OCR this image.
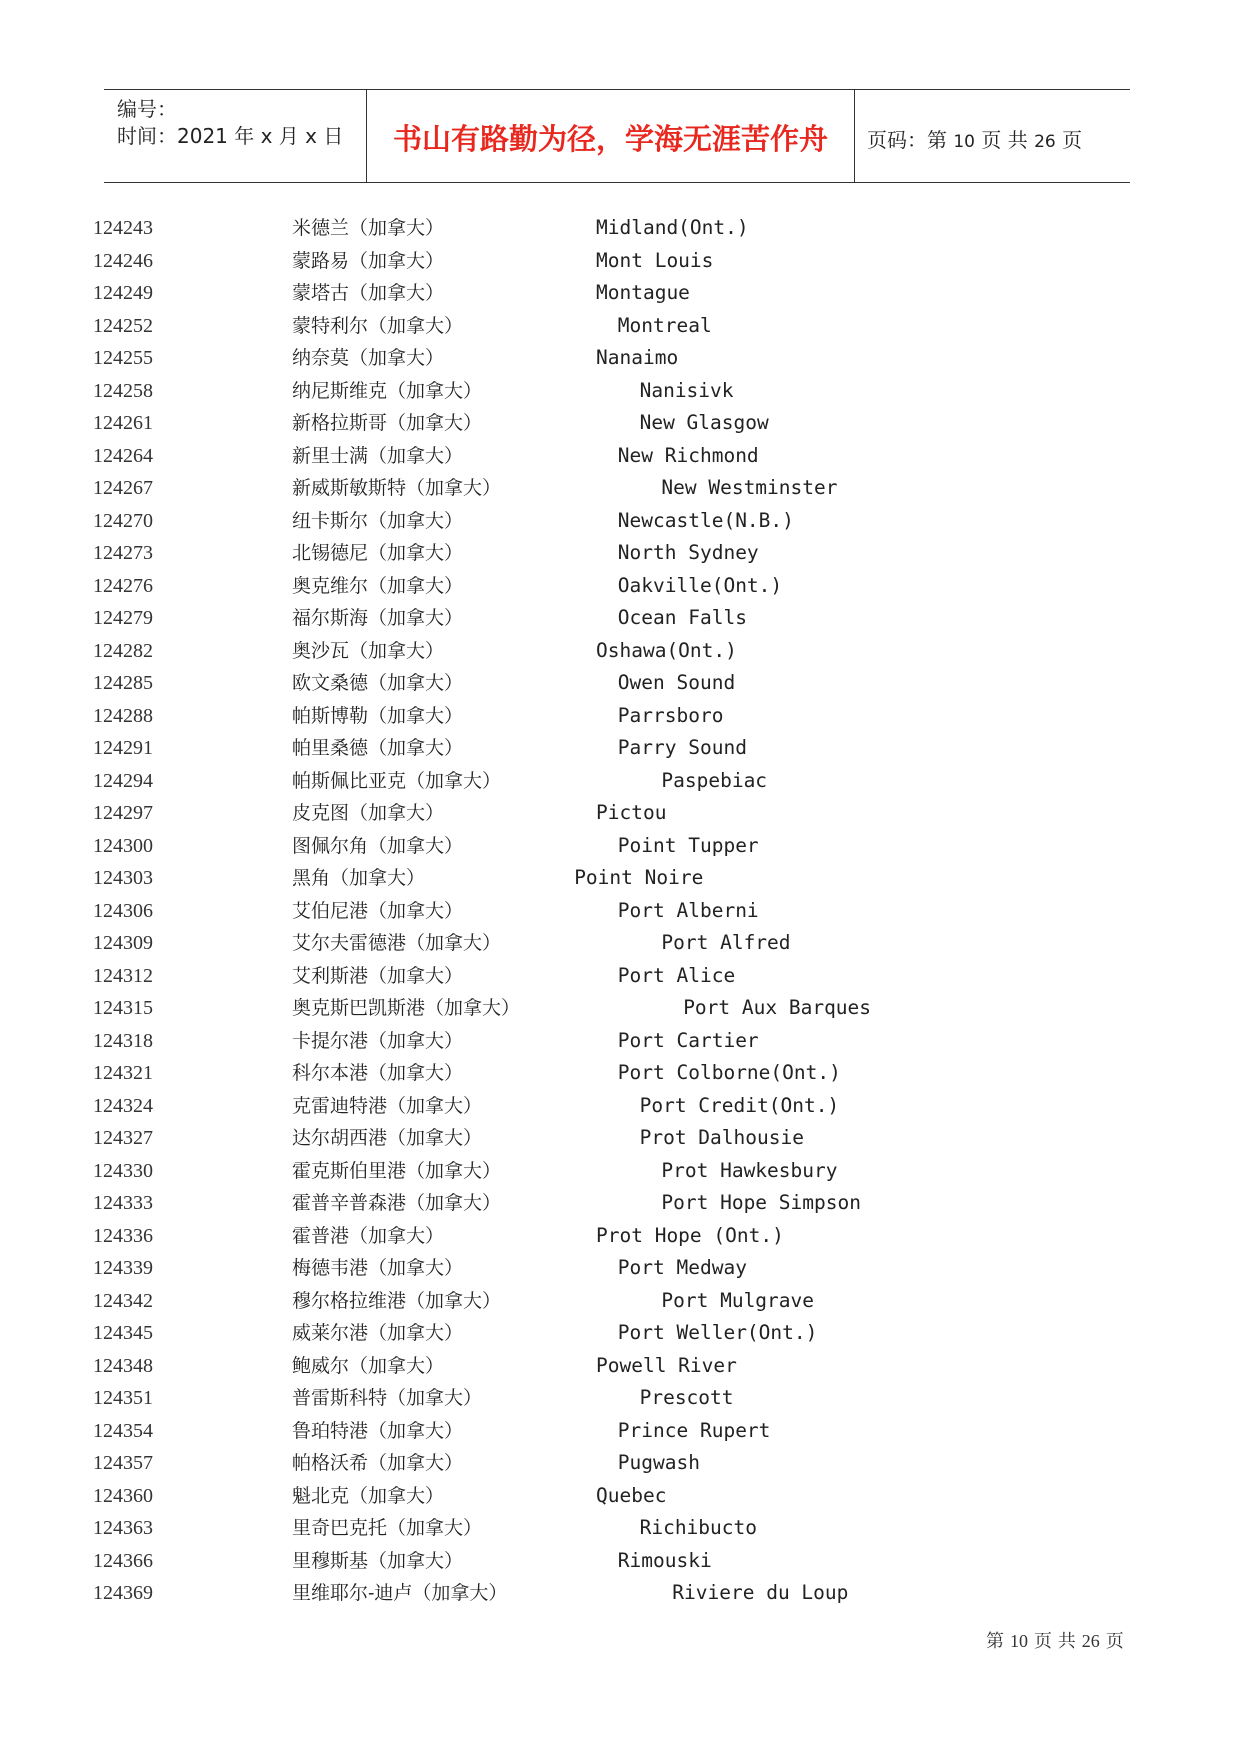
编号：
时间：2021 年 x 月 x 日	书山有路勤为径，学海无涯苦作舟	页码：第 10 页 共 26 页
124243	米德兰（加拿大）	Midland(Ont.)
124246	蒙路易（加拿大）	Mont Louis
124249	蒙塔古（加拿大）	Montague
124252	蒙特利尔（加拿大）	Montreal
124255	纳奈莫（加拿大）	Nanaimo
124258	纳尼斯维克（加拿大）	Nanisivk
124261	新格拉斯哥（加拿大）	New Glasgow
124264	新里士满（加拿大）	New Richmond
124267	新威斯敏斯特（加拿大）	New Westminster
124270	纽卡斯尔（加拿大）	Newcastle(N.B.)
124273	北锡德尼（加拿大）	North Sydney
124276	奥克维尔（加拿大）	Oakville(Ont.)
124279	福尔斯海（加拿大）	Ocean Falls
124282	奥沙瓦（加拿大）	Oshawa(Ont.)
124285	欧文桑德（加拿大）	Owen Sound
124288	帕斯博勒（加拿大）	Parrsboro
124291	帕里桑德（加拿大）	Parry Sound
124294	帕斯佩比亚克（加拿大）	Paspebiac
124297	皮克图（加拿大）	Pictou
124300	图佩尔角（加拿大）	Point Tupper
124303	黑角（加拿大）	Point Noire
124306	艾伯尼港（加拿大）	Port Alberni
124309	艾尔夫雷德港（加拿大）	Port Alfred
124312	艾利斯港（加拿大）	Port Alice
124315	奥克斯巴凯斯港（加拿大）	Port Aux Barques
124318	卡提尔港（加拿大）	Port Cartier
124321	科尔本港（加拿大）	Port Colborne(Ont.)
124324	克雷迪特港（加拿大）	Port Credit(Ont.)
124327	达尔胡西港（加拿大）	Prot Dalhousie
124330	霍克斯伯里港（加拿大）	Prot Hawkesbury
124333	霍普辛普森港（加拿大）	Port Hope Simpson
124336	霍普港（加拿大）	Prot Hope (Ont.)
124339	梅德韦港（加拿大）	Port Medway
124342	穆尔格拉维港（加拿大）	Port Mulgrave
124345	威莱尔港（加拿大）	Port Weller(Ont.)
124348	鲍威尔（加拿大）	Powell River
124351	普雷斯科特（加拿大）	Prescott
124354	鲁珀特港（加拿大）	Prince Rupert
124357	帕格沃希（加拿大）	Pugwash
124360	魁北克（加拿大）	Quebec
124363	里奇巴克托（加拿大）	Richibucto
124366	里穆斯基（加拿大）	Rimouski
124369	里维耶尔-迪卢（加拿大）	Riviere du Loup
第 10 页 共 26 页
